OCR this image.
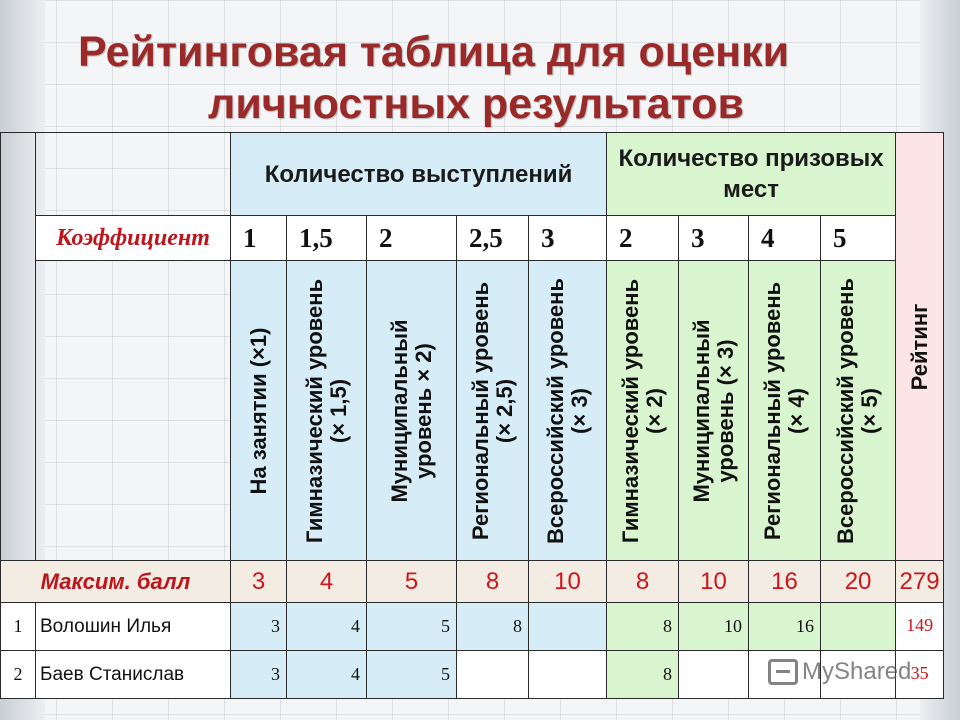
Рейтинговая таблица для оценки
личностных результатов
		Количество выступлений					Количество призовых мест				Рейтинг

	Коэффициент	1	1,5	2	2,5	3	2	3	4	5	

		На занятии (×1)	Гимназический уровень (× 1,5)	Муниципальный уровень × 2)	Региональный уровень (× 2,5)	Всероссийский уровень (× 3)	Гимназический уровень (× 2)	Муниципальный уровень (× 3)	Региональный уровень (× 4)	Всероссийский уровень (× 5)	

Максим. балл		3	4	5	8	10	8	10	16	20	279
1	Волошин Илья	3	4	5	8		8	10	16		149
2	Баев Станислав	3	4	5			8				35
MyShared
